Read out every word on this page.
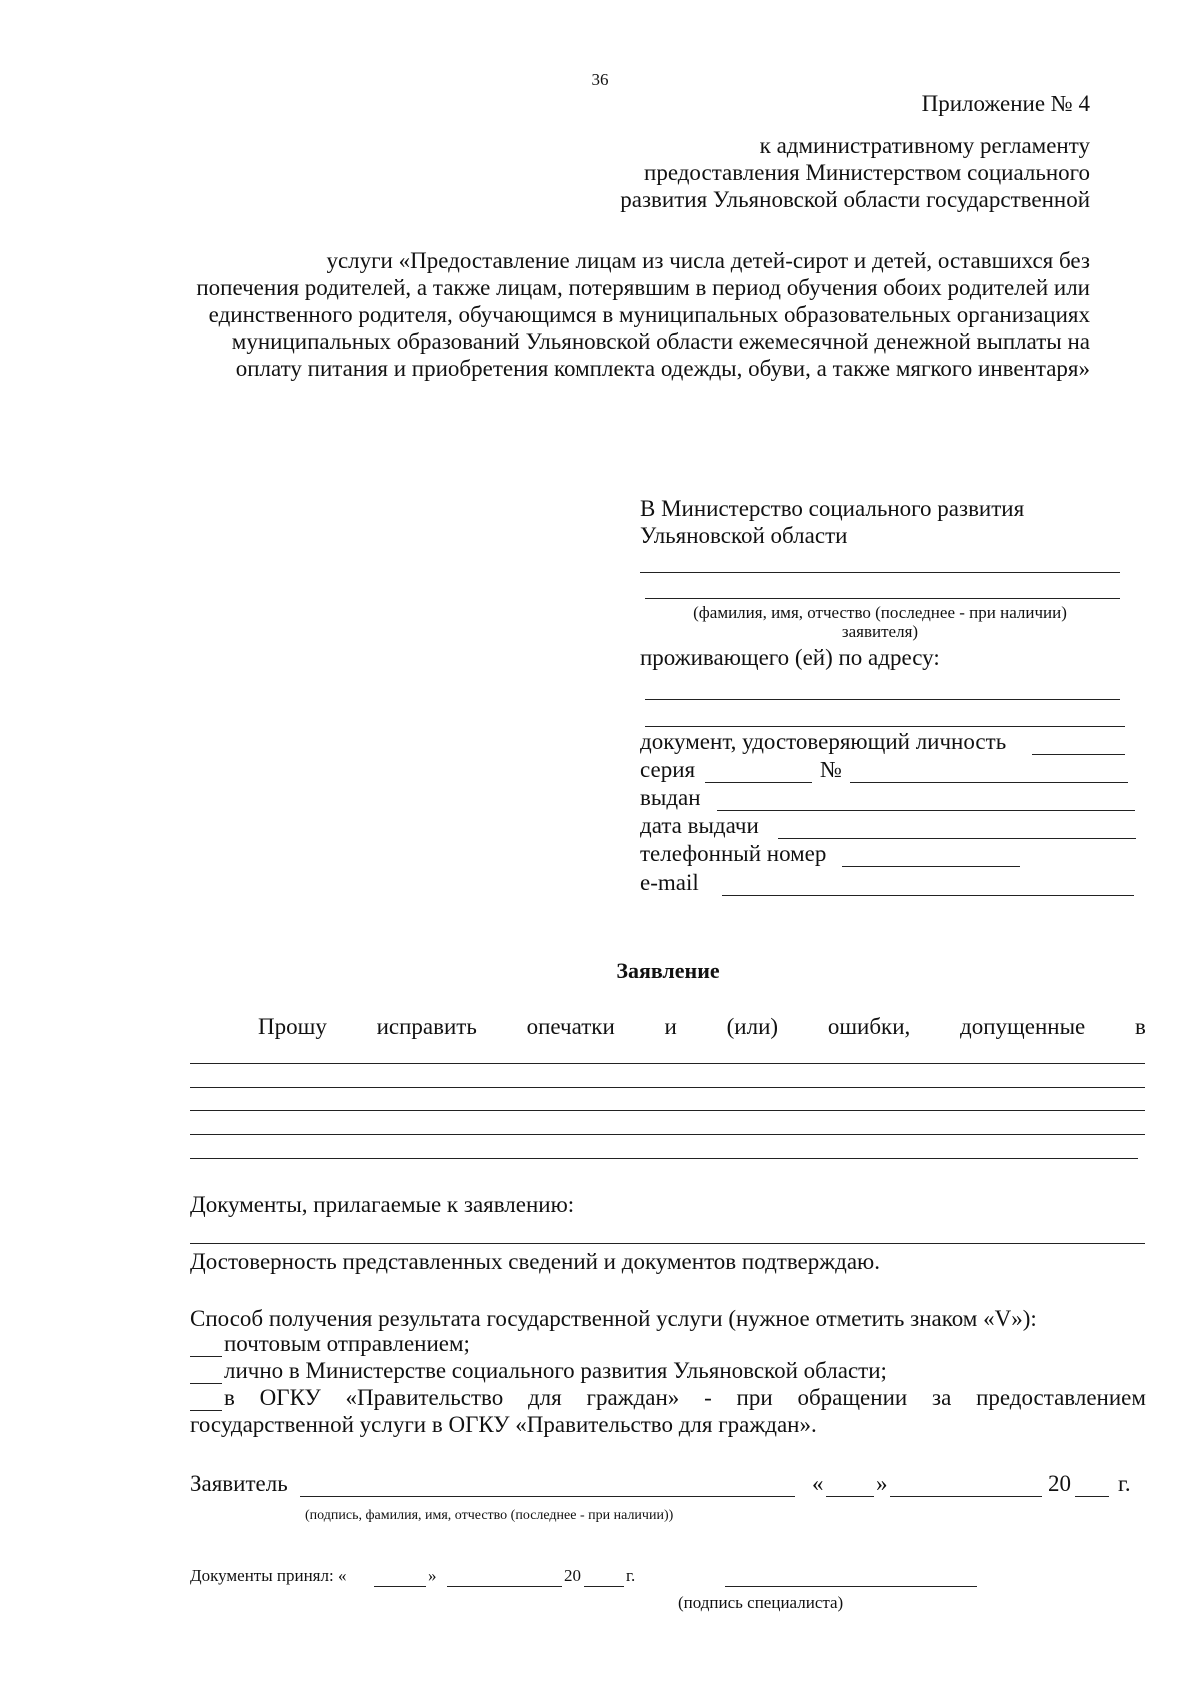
36
Приложение № 4
к административному регламенту
предоставления Министерством социального
развития Ульяновской области государственной
услуги «Предоставление лицам из числа детей-сирот и детей, оставшихся без
попечения родителей, а также лицам, потерявшим в период обучения обоих родителей или
единственного родителя, обучающимся в муниципальных образовательных организациях
муниципальных образований Ульяновской области ежемесячной денежной выплаты на
оплату питания и приобретения комплекта одежды, обуви, а также мягкого инвентаря»
В Министерство социального развития
Ульяновской области
(фамилия, имя, отчество (последнее - при наличии)
заявителя)
проживающего (ей) по адресу:
документ, удостоверяющий личность
серия	№
выдан
дата выдачи
телефонный номер
e-mail
Заявление
Прошу исправить опечатки и (или) ошибки, допущенные в
Документы, прилагаемые к заявлению:
Достоверность представленных сведений и документов подтверждаю.
Способ получения результата государственной услуги (нужное отметить знаком «V»):
почтовым отправлением;
лично в Министерстве социального развития Ульяновской области;
в ОГКУ «Правительство для граждан» - при обращении за предоставлением
государственной услуги в ОГКУ «Правительство для граждан».
Заявитель	« »	20 г.
(подпись, фамилия, имя, отчество (последнее - при наличии))
Документы принял: «	»	20	г.
(подпись специалиста)
